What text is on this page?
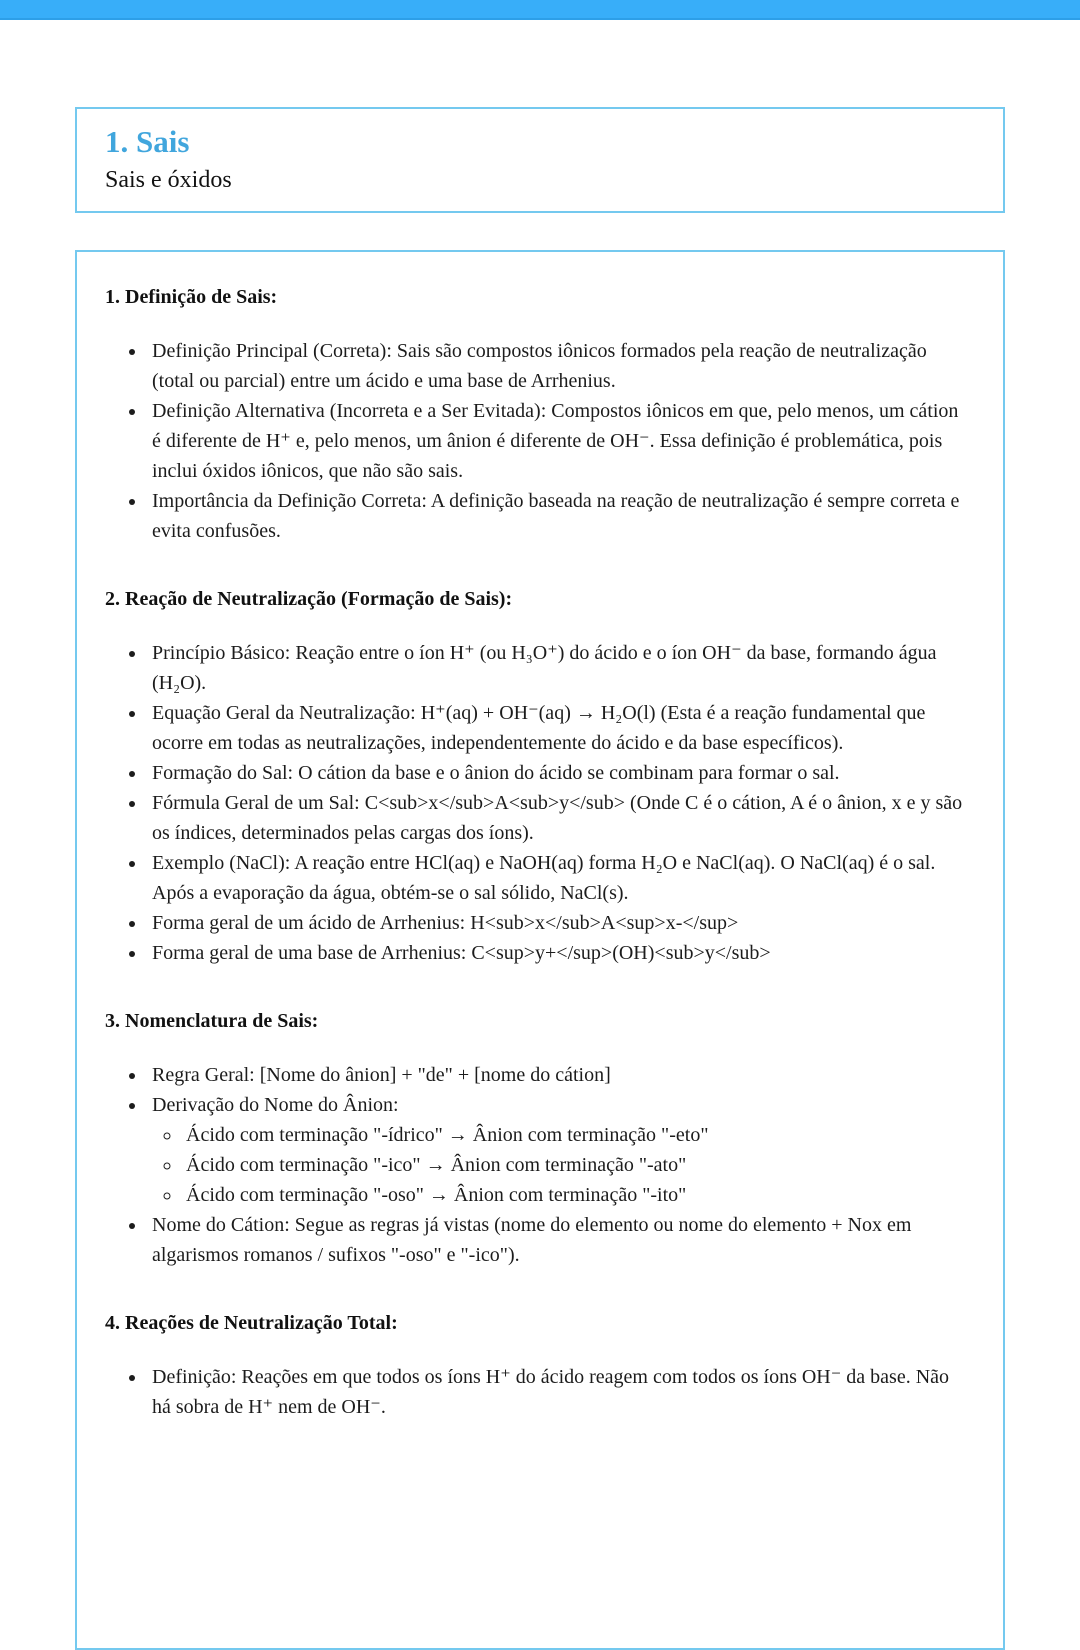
1. Sais

Sais e óxidos

1. Definição de Sais:
• Definição Principal (Correta): Sais são compostos iônicos formados pela reação de neutralização (total ou parcial) entre um ácido e uma base de Arrhenius.
• Definição Alternativa (Incorreta e a Ser Evitada): Compostos iônicos em que, pelo menos, um cátion é diferente de H⁺ e, pelo menos, um ânion é diferente de OH⁻. Essa definição é problemática, pois inclui óxidos iônicos, que não são sais.
• Importância da Definição Correta: A definição baseada na reação de neutralização é sempre correta e evita confusões.
2. Reação de Neutralização (Formação de Sais):
• Princípio Básico: Reação entre o íon H⁺ (ou H₃O⁺) do ácido e o íon OH⁻ da base, formando água (H₂O).
• Equação Geral da Neutralização: H⁺(aq) + OH⁻(aq) → H₂O(l) (Esta é a reação fundamental que ocorre em todas as neutralizações, independentemente do ácido e da base específicos).
• Formação do Sal: O cátion da base e o ânion do ácido se combinam para formar o sal.
• Fórmula Geral de um Sal: C<sub>x</sub>A<sub>y</sub> (Onde C é o cátion, A é o ânion, x e y são os índices, determinados pelas cargas dos íons).
• Exemplo (NaCl): A reação entre HCl(aq) e NaOH(aq) forma H₂O e NaCl(aq). O NaCl(aq) é o sal. Após a evaporação da água, obtém-se o sal sólido, NaCl(s).
• Forma geral de um ácido de Arrhenius: H<sub>x</sub>A<sup>x-</sup>
• Forma geral de uma base de Arrhenius: C<sup>y+</sup>(OH)<sub>y</sub>
3. Nomenclatura de Sais:
• Regra Geral: [Nome do ânion] + "de" + [nome do cátion]
• Derivação do Nome do Ânion:
◦ Ácido com terminação "-ídrico" → Ânion com terminação "-eto"
◦ Ácido com terminação "-ico" → Ânion com terminação "-ato"
◦ Ácido com terminação "-oso" → Ânion com terminação "-ito"
• Nome do Cátion: Segue as regras já vistas (nome do elemento ou nome do elemento + Nox em algarismos romanos / sufixos "-oso" e "-ico").
4. Reações de Neutralização Total:
• Definição: Reações em que todos os íons H⁺ do ácido reagem com todos os íons OH⁻ da base. Não há sobra de H⁺ nem de OH⁻.
